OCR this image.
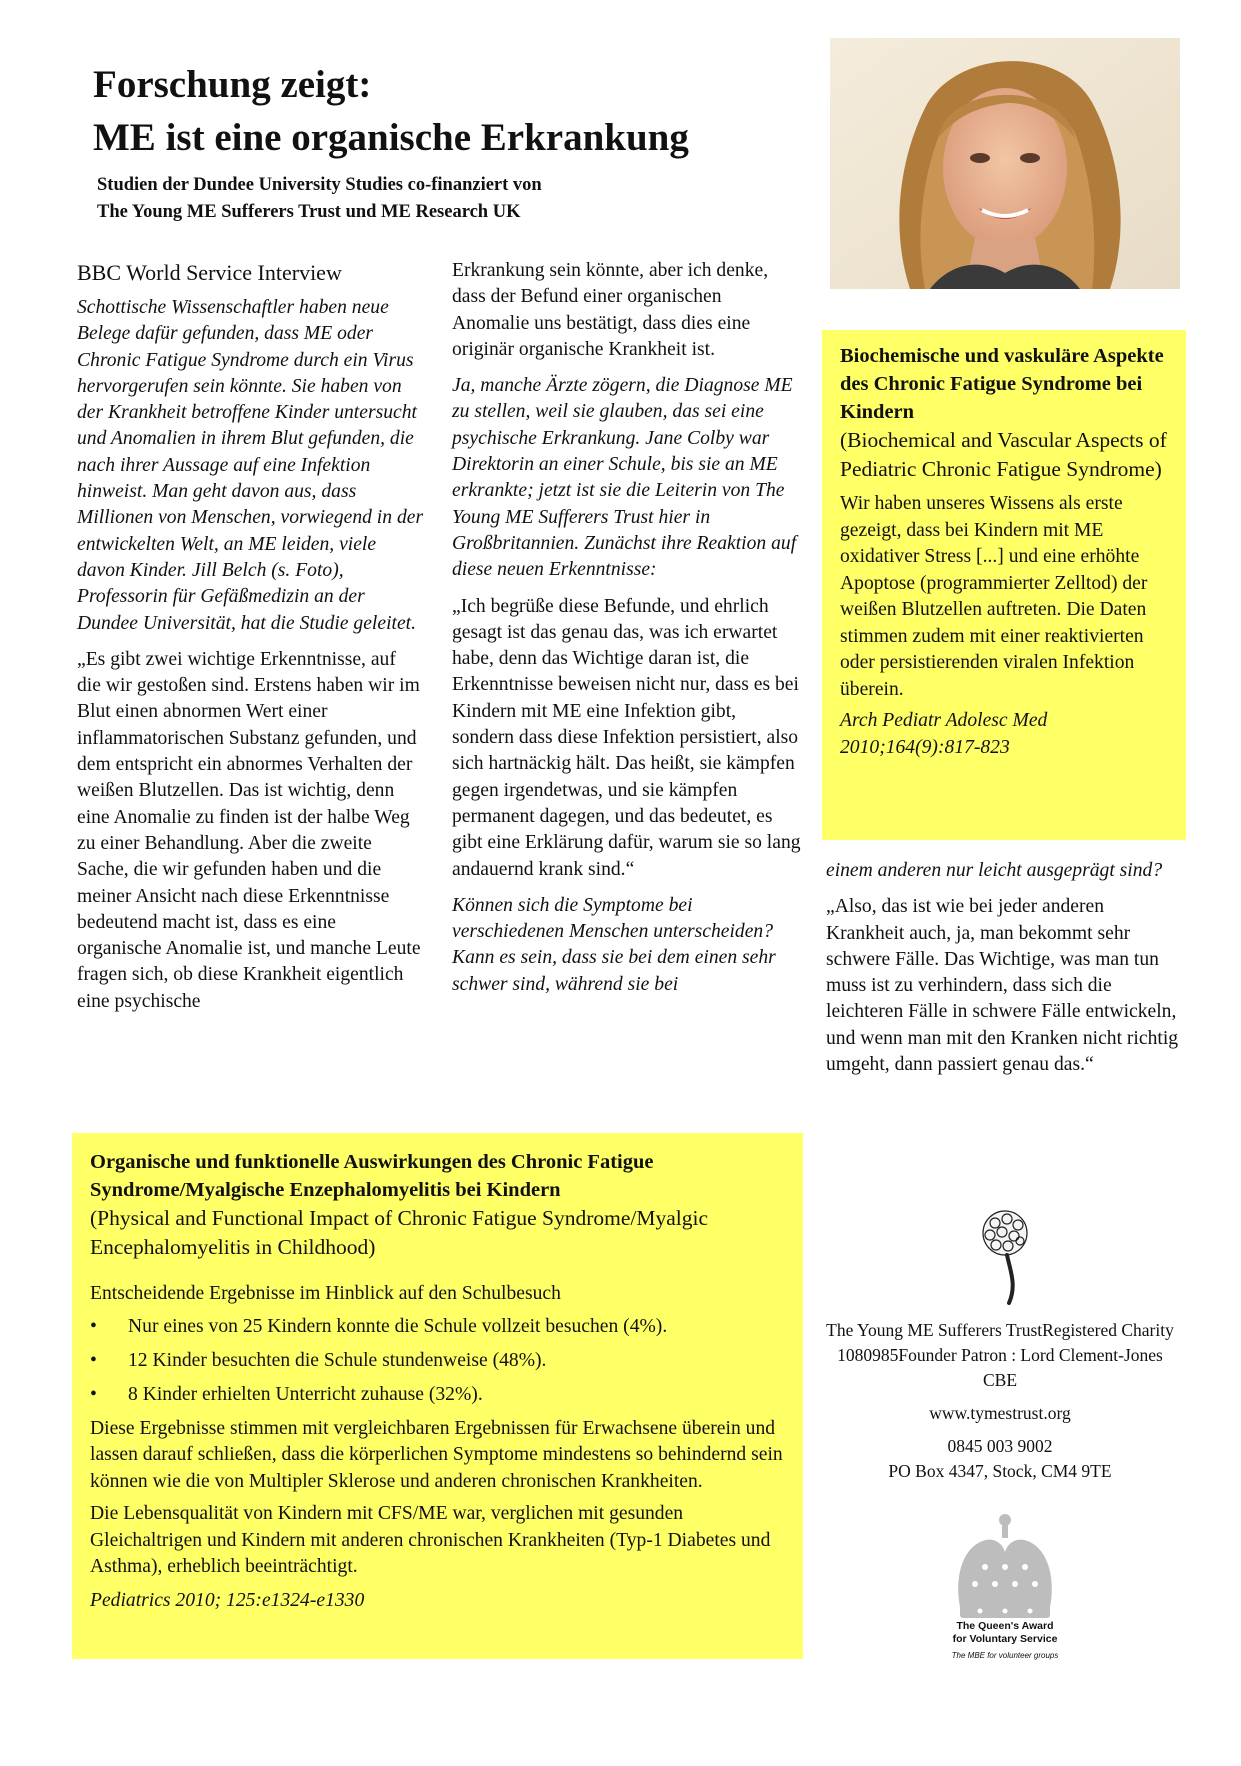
Forschung zeigt:
ME ist eine organische Erkrankung
Studien der Dundee University Studies co-finanziert von
The Young ME Sufferers Trust und ME Research UK

BBC World Service Interview

Schottische Wissenschaftler haben neue Belege dafür gefunden, dass ME oder Chronic Fatigue Syndrome durch ein Virus hervorgerufen sein könnte. Sie haben von der Krankheit betroffene Kinder untersucht und Anomalien in ihrem Blut gefunden, die nach ihrer Aussage auf eine Infektion hinweist. Man geht davon aus, dass Millionen von Menschen, vorwiegend in der entwickelten Welt, an ME leiden, viele davon Kinder. Jill Belch (s. Foto), Professorin für Gefäßmedizin an der Dundee Universität, hat die Studie geleitet.

„Es gibt zwei wichtige Erkenntnisse, auf die wir gestoßen sind. Erstens haben wir im Blut einen abnormen Wert einer inflammatorischen Substanz gefunden, und dem entspricht ein abnormes Verhalten der weißen Blutzellen. Das ist wichtig, denn eine Anomalie zu finden ist der halbe Weg zu einer Behandlung. Aber die zweite Sache, die wir gefunden haben und die meiner Ansicht nach diese Erkenntnisse bedeutend macht ist, dass es eine organische Anomalie ist, und manche Leute fragen sich, ob diese Krankheit eigentlich eine psychische

Erkrankung sein könnte, aber ich denke, dass der Befund einer organischen Anomalie uns bestätigt, dass dies eine originär organische Krankheit ist.

Ja, manche Ärzte zögern, die Diagnose ME zu stellen, weil sie glauben, das sei eine psychische Erkrankung. Jane Colby war Direktorin an einer Schule, bis sie an ME erkrankte; jetzt ist sie die Leiterin von The Young ME Sufferers Trust hier in Großbritannien. Zunächst ihre Reaktion auf diese neuen Erkenntnisse:

„Ich begrüße diese Befunde, und ehrlich gesagt ist das genau das, was ich erwartet habe, denn das Wichtige daran ist, die Erkenntnisse beweisen nicht nur, dass es bei Kindern mit ME eine Infektion gibt, sondern dass diese Infektion persistiert, also sich hartnäckig hält. Das heißt, sie kämpfen gegen irgendetwas, und sie kämpfen permanent dagegen, und das bedeutet, es gibt eine Erklärung dafür, warum sie so lang andauernd krank sind.“

Können sich die Symptome bei verschiedenen Menschen unterscheiden? Kann es sein, dass sie bei dem einen sehr schwer sind, während sie bei

Biochemische und vaskuläre Aspekte des Chronic Fatigue Syndrome bei Kindern

(Biochemical and Vascular Aspects of Pediatric Chronic Fatigue Syndrome)

Wir haben unseres Wissens als erste gezeigt, dass bei Kindern mit ME oxidativer Stress [...] und eine erhöhte Apoptose (programmierter Zelltod) der weißen Blutzellen auftreten. Die Daten stimmen zudem mit einer reaktivierten oder persistierenden viralen Infektion überein.

Arch Pediatr Adolesc Med 2010;164(9):817-823

einem anderen nur leicht ausgeprägt sind?

„Also, das ist wie bei jeder anderen Krankheit auch, ja, man bekommt sehr schwere Fälle. Das Wichtige, was man tun muss ist zu verhindern, dass sich die leichteren Fälle in schwere Fälle entwickeln, und wenn man mit den Kranken nicht richtig umgeht, dann passiert genau das.“

Organische und funktionelle Auswirkungen des Chronic Fatigue Syndrome/Myalgische Enzephalomyelitis bei Kindern

(Physical and Functional Impact of Chronic Fatigue Syndrome/Myalgic Encephalomyelitis in Childhood)

Entscheidende Ergebnisse im Hinblick auf den Schulbesuch

• Nur eines von 25 Kindern konnte die Schule vollzeit besuchen (4%).
• 12 Kinder besuchten die Schule stundenweise (48%).
• 8 Kinder erhielten Unterricht zuhause (32%).

Diese Ergebnisse stimmen mit vergleichbaren Ergebnissen für Erwachsene überein und lassen darauf schließen, dass die körperlichen Symptome mindestens so behindernd sein können wie die von Multipler Sklerose und anderen chronischen Krankheiten.

Die Lebensqualität von Kindern mit CFS/ME war, verglichen mit gesunden Gleichaltrigen und Kindern mit anderen chronischen Krankheiten (Typ-1 Diabetes und Asthma), erheblich beeinträchtigt.

Pediatrics 2010; 125:e1324-e1330

The Young ME Sufferers TrustRegistered Charity 1080985Founder Patron : Lord Clement-Jones CBE

www.tymestrust.org

0845 003 9002

PO Box 4347, Stock, CM4 9TE

The Queen's Award
for Voluntary Service
The MBE for volunteer groups
